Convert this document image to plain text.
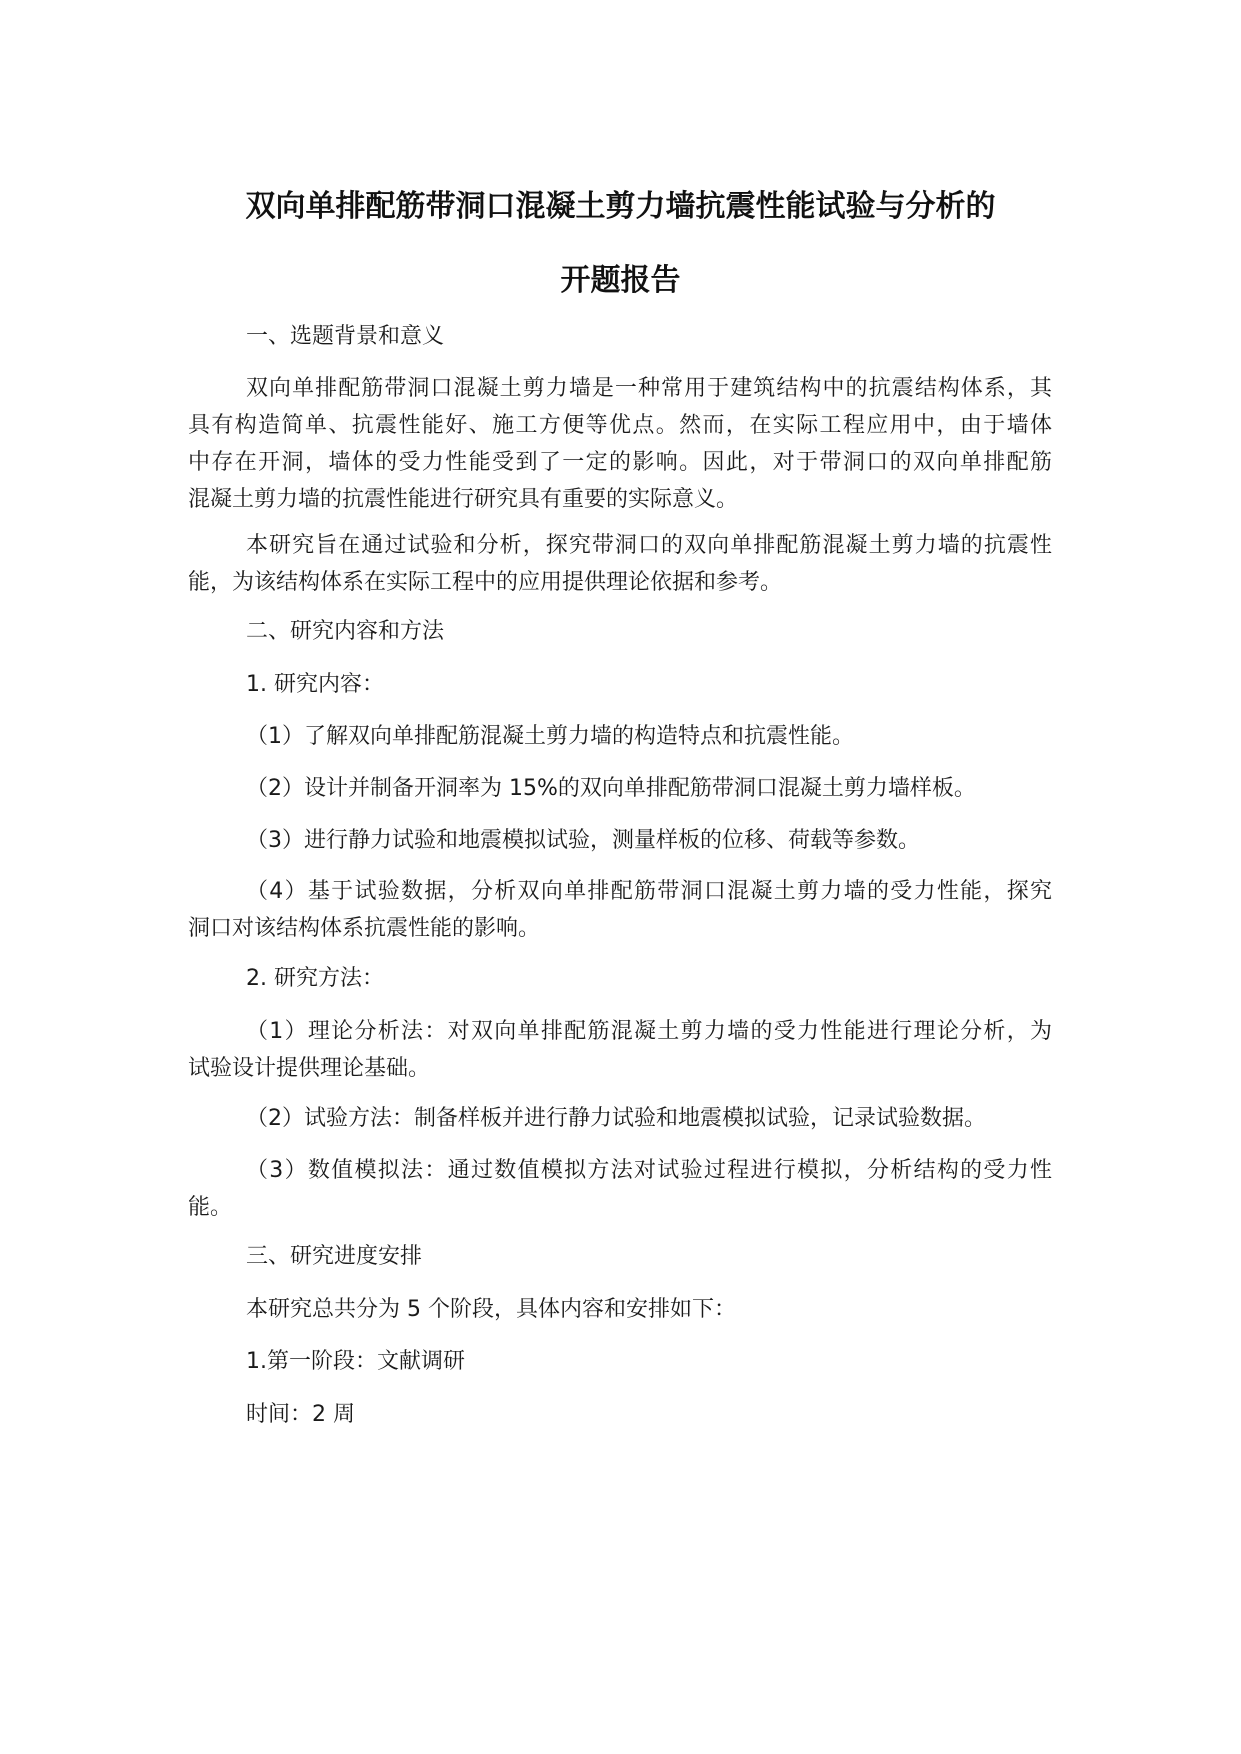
双向单排配筋带洞口混凝土剪力墙抗震性能试验与分析的
开题报告
一、选题背景和意义
双向单排配筋带洞口混凝土剪力墙是一种常用于建筑结构中的抗震结构体系，其
具有构造简单、抗震性能好、施工方便等优点。然而，在实际工程应用中，由于墙体
中存在开洞，墙体的受力性能受到了一定的影响。因此，对于带洞口的双向单排配筋
混凝土剪力墙的抗震性能进行研究具有重要的实际意义。
本研究旨在通过试验和分析，探究带洞口的双向单排配筋混凝土剪力墙的抗震性
能，为该结构体系在实际工程中的应用提供理论依据和参考。
二、研究内容和方法
1. 研究内容：
（1）了解双向单排配筋混凝土剪力墙的构造特点和抗震性能。
（2）设计并制备开洞率为 15%的双向单排配筋带洞口混凝土剪力墙样板。
（3）进行静力试验和地震模拟试验，测量样板的位移、荷载等参数。
（4）基于试验数据，分析双向单排配筋带洞口混凝土剪力墙的受力性能，探究
洞口对该结构体系抗震性能的影响。
2. 研究方法：
（1）理论分析法：对双向单排配筋混凝土剪力墙的受力性能进行理论分析，为
试验设计提供理论基础。
（2）试验方法：制备样板并进行静力试验和地震模拟试验，记录试验数据。
（3）数值模拟法：通过数值模拟方法对试验过程进行模拟，分析结构的受力性
能。
三、研究进度安排
本研究总共分为 5 个阶段，具体内容和安排如下：
1.第一阶段：文献调研
时间：2 周
